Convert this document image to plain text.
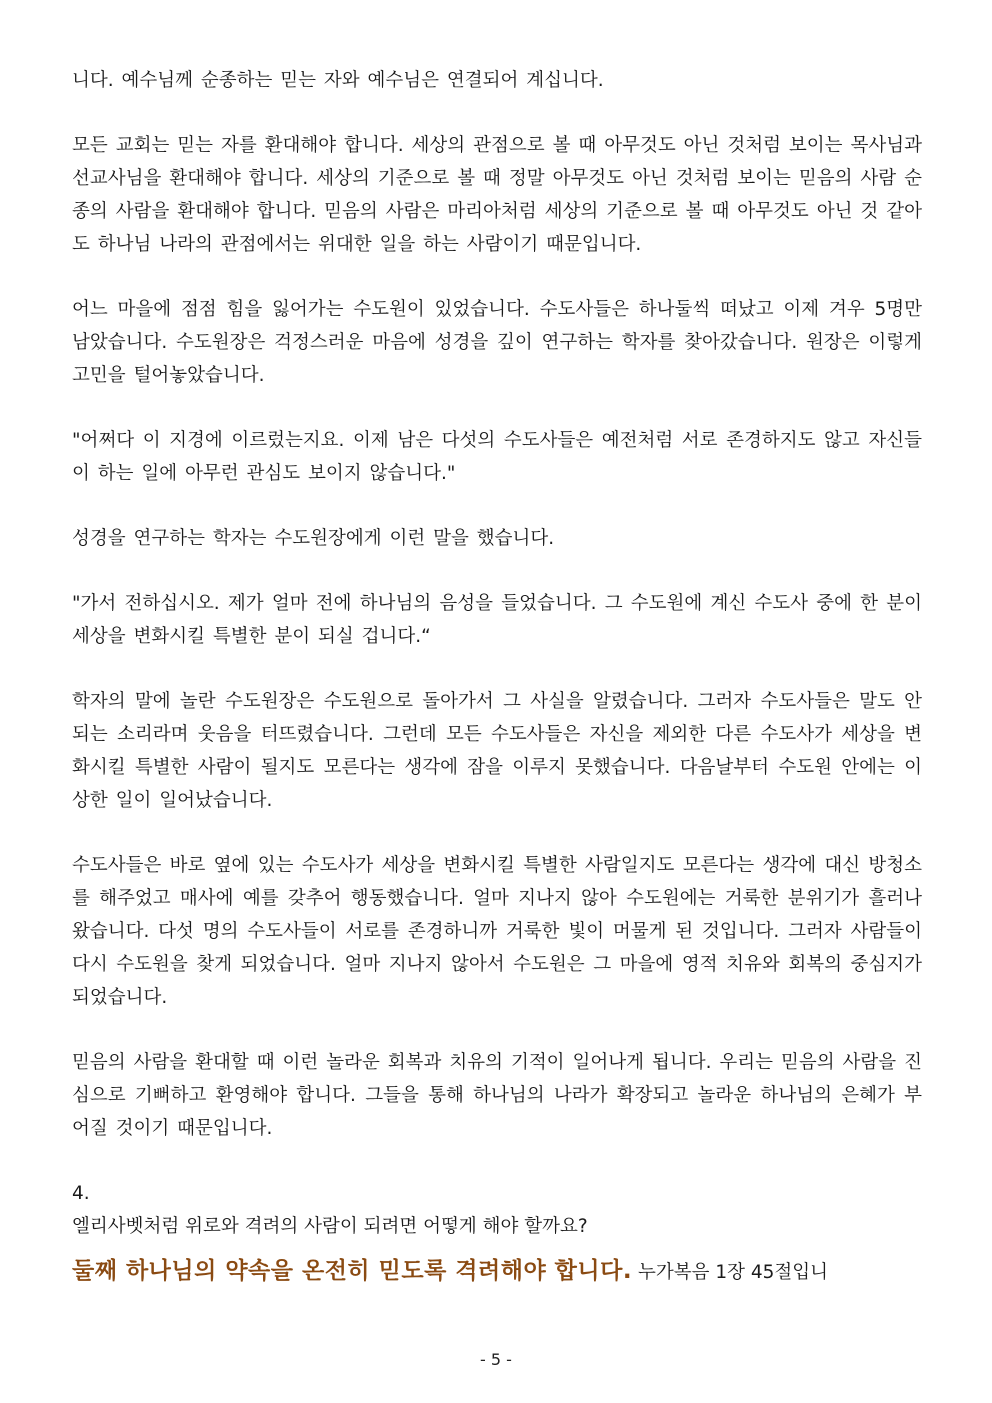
니다. 예수님께 순종하는 믿는 자와 예수님은 연결되어 계십니다.

모든 교회는 믿는 자를 환대해야 합니다. 세상의 관점으로 볼 때 아무것도 아닌 것처럼 보이는 목사님과 선교사님을 환대해야 합니다. 세상의 기준으로 볼 때 정말 아무것도 아닌 것처럼 보이는 믿음의 사람 순종의 사람을 환대해야 합니다. 믿음의 사람은 마리아처럼 세상의 기준으로 볼 때 아무것도 아닌 것 같아도 하나님 나라의 관점에서는 위대한 일을 하는 사람이기 때문입니다.

어느 마을에 점점 힘을 잃어가는 수도원이 있었습니다. 수도사들은 하나둘씩 떠났고 이제 겨우 5명만 남았습니다. 수도원장은 걱정스러운 마음에 성경을 깊이 연구하는 학자를 찾아갔습니다. 원장은 이렇게 고민을 털어놓았습니다.

"어쩌다 이 지경에 이르렀는지요. 이제 남은 다섯의 수도사들은 예전처럼 서로 존경하지도 않고 자신들이 하는 일에 아무런 관심도 보이지 않습니다."

성경을 연구하는 학자는 수도원장에게 이런 말을 했습니다.

"가서 전하십시오. 제가 얼마 전에 하나님의 음성을 들었습니다. 그 수도원에 계신 수도사 중에 한 분이 세상을 변화시킬 특별한 분이 되실 겁니다.“

학자의 말에 놀란 수도원장은 수도원으로 돌아가서 그 사실을 알렸습니다. 그러자 수도사들은 말도 안 되는 소리라며 웃음을 터뜨렸습니다. 그런데 모든 수도사들은 자신을 제외한 다른 수도사가 세상을 변화시킬 특별한 사람이 될지도 모른다는 생각에 잠을 이루지 못했습니다. 다음날부터 수도원 안에는 이상한 일이 일어났습니다.

수도사들은 바로 옆에 있는 수도사가 세상을 변화시킬 특별한 사람일지도 모른다는 생각에 대신 방청소를 해주었고 매사에 예를 갖추어 행동했습니다. 얼마 지나지 않아 수도원에는 거룩한 분위기가 흘러나왔습니다. 다섯 명의 수도사들이 서로를 존경하니까 거룩한 빛이 머물게 된 것입니다. 그러자 사람들이 다시 수도원을 찾게 되었습니다. 얼마 지나지 않아서 수도원은 그 마을에 영적 치유와 회복의 중심지가 되었습니다.

믿음의 사람을 환대할 때 이런 놀라운 회복과 치유의 기적이 일어나게 됩니다. 우리는 믿음의 사람을 진심으로 기뻐하고 환영해야 합니다. 그들을 통해 하나님의 나라가 확장되고 놀라운 하나님의 은혜가 부어질 것이기 때문입니다.

4.

엘리사벳처럼 위로와 격려의 사람이 되려면 어떻게 해야 할까요?

둘째 하나님의 약속을 온전히 믿도록 격려해야 합니다. 누가복음 1장 45절입니

- 5 -
